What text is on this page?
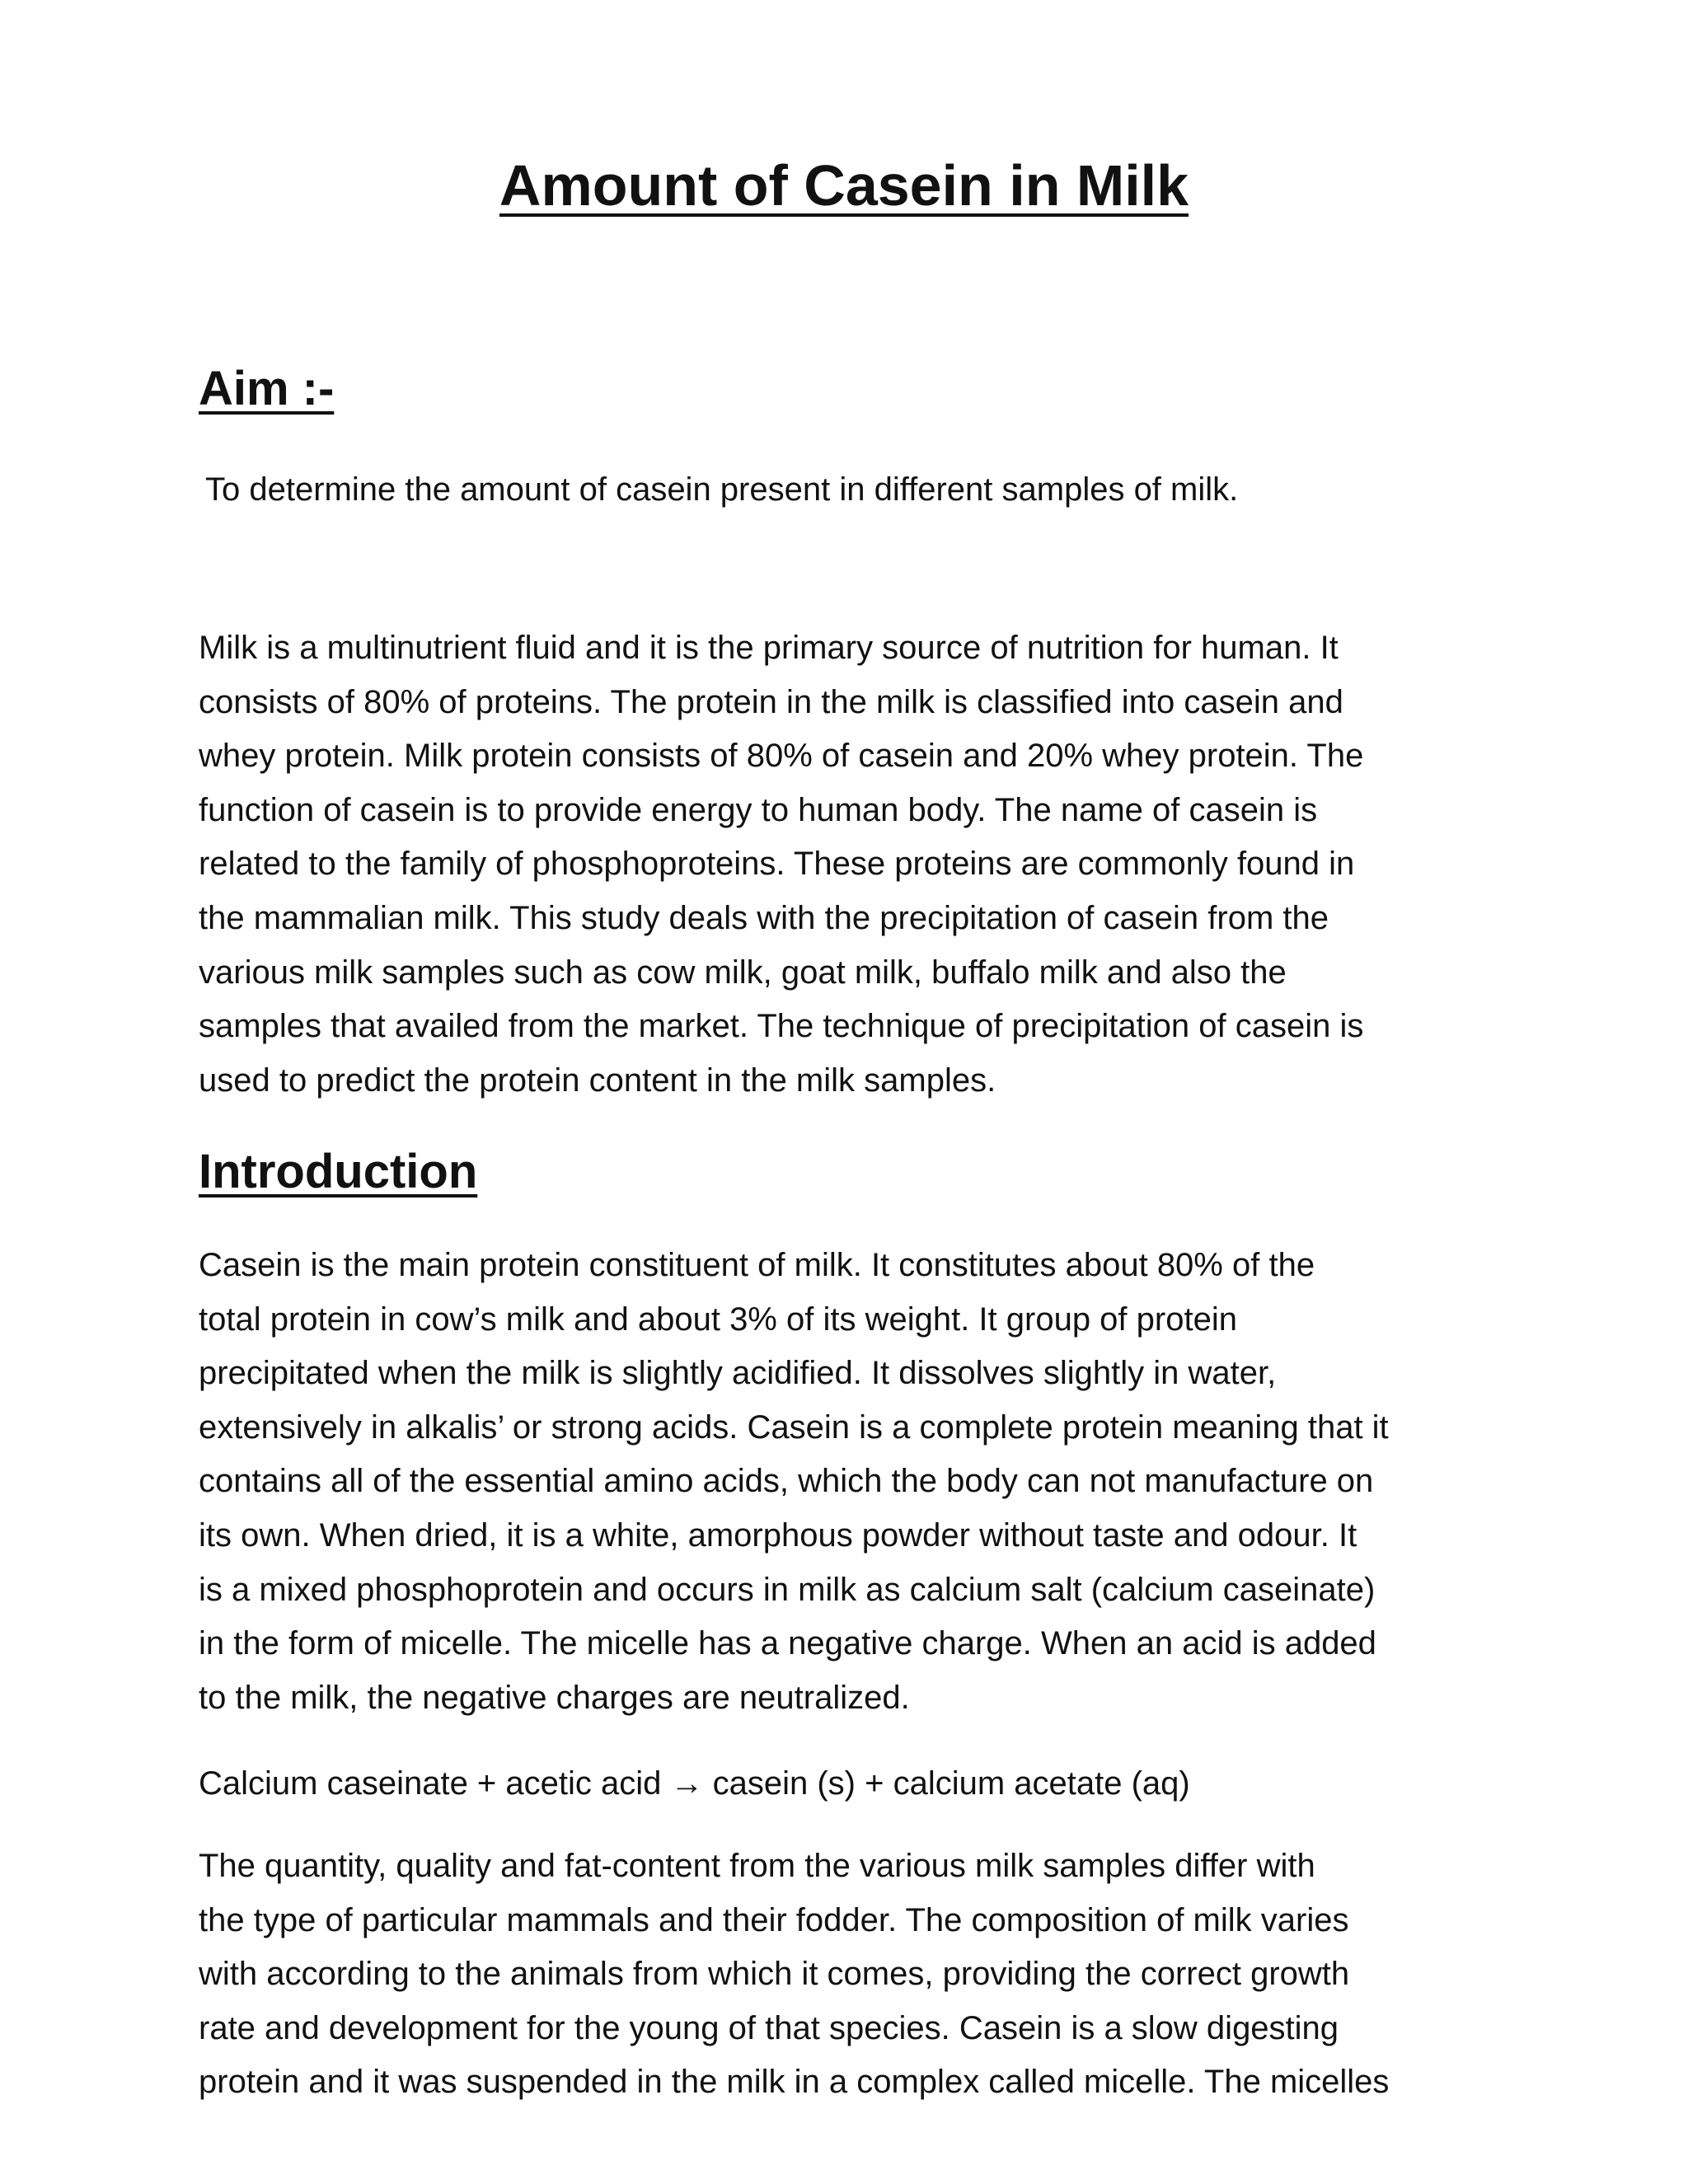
Amount of Casein in Milk
Aim :-

To determine the amount of casein present in different samples of milk.

Milk is a multinutrient fluid and it is the primary source of nutrition for human. It
consists of 80% of proteins. The protein in the milk is classified into casein and
whey protein. Milk protein consists of 80% of casein and 20% whey protein. The
function of casein is to provide energy to human body. The name of casein is
related to the family of phosphoproteins. These proteins are commonly found in
the mammalian milk. This study deals with the precipitation of casein from the
various milk samples such as cow milk, goat milk, buffalo milk and also the
samples that availed from the market. The technique of precipitation of casein is
used to predict the protein content in the milk samples.

Introduction

Casein is the main protein constituent of milk. It constitutes about 80% of the
total protein in cow’s milk and about 3% of its weight. It group of protein
precipitated when the milk is slightly acidified. It dissolves slightly in water,
extensively in alkalis’ or strong acids. Casein is a complete protein meaning that it
contains all of the essential amino acids, which the body can not manufacture on
its own. When dried, it is a white, amorphous powder without taste and odour. It
is a mixed phosphoprotein and occurs in milk as calcium salt (calcium caseinate)
in the form of micelle. The micelle has a negative charge. When an acid is added
to the milk, the negative charges are neutralized.

Calcium caseinate + acetic acid → casein (s) + calcium acetate (aq)

The quantity, quality and fat-content from the various milk samples differ with
the type of particular mammals and their fodder. The composition of milk varies
with according to the animals from which it comes, providing the correct growth
rate and development for the young of that species. Casein is a slow digesting
protein and it was suspended in the milk in a complex called micelle. The micelles
